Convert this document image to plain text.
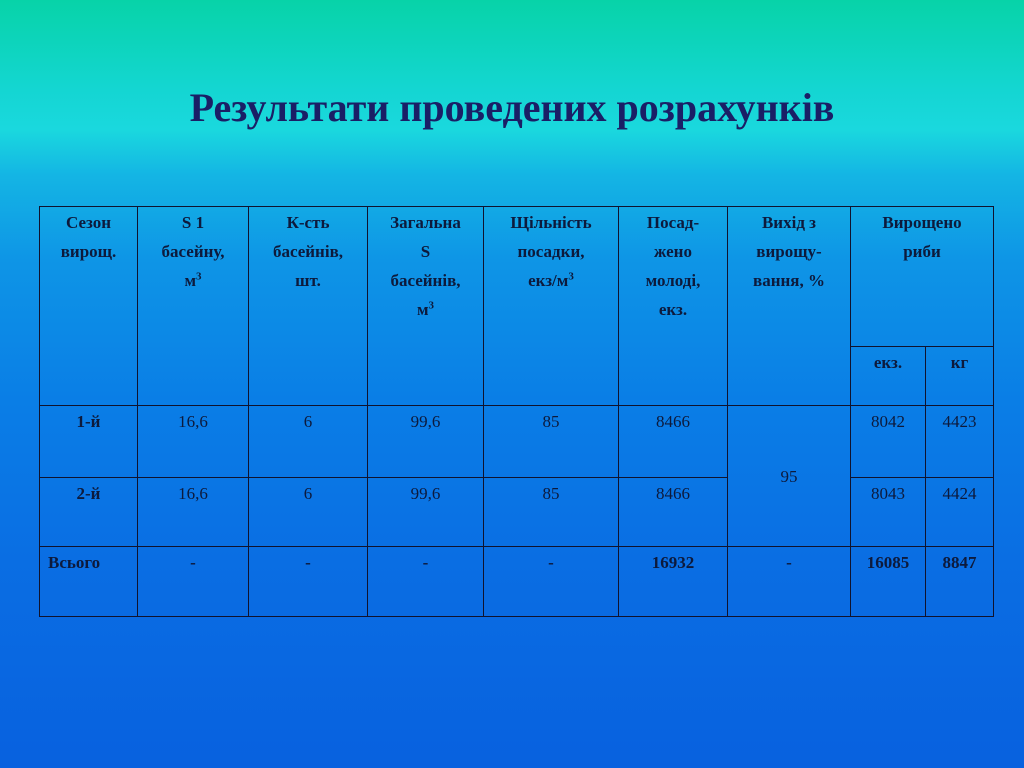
Результати проведених розрахунків
Сезон
вирощ.	S 1
басейну,
$м^3$	К-сть
басейнів,
шт.	Загальна
S
басейнів,
$м^3$	Щільність
посадки,
екз/$м^3$	Посад-
жено
молоді,
екз.	Вихід з
вирощу-
вання, %	Вирощено
риби	
							екз.	кг
1-й	16,6	6	99,6	85	8466	95	8042	4423
2-й	16,6	6	99,6	85	8466		8043	4424
Всього	-	-	-	-	16932	-	16085	8847
